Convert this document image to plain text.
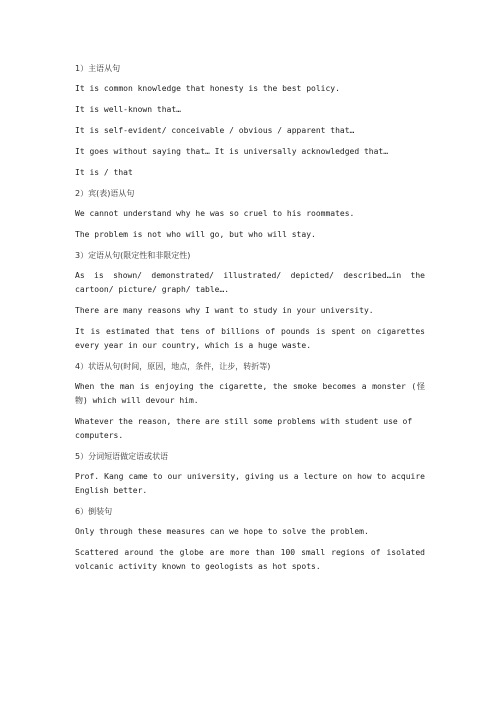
1）主语从句

It is common knowledge that honesty is the best policy.

It is well-known that…

It is self-evident/ conceivable / obvious / apparent that…

It goes without saying that… It is universally acknowledged that…

It is / that

2）宾(表)语从句

We cannot understand why he was so cruel to his roommates.

The problem is not who will go, but who will stay.

3）定语从句(限定性和非限定性)

As is shown/ demonstrated/ illustrated/ depicted/ described…in the cartoon/ picture/ graph/ table….

There are many reasons why I want to study in your university.

It is estimated that tens of billions of pounds is spent on cigarettes every year in our country, which is a huge waste.

4）状语从句(时间，原因，地点，条件，让步，转折等)

When the man is enjoying the cigarette, the smoke becomes a monster (怪物) which will devour him.

Whatever the reason, there are still some problems with student use of computers.

5）分词短语做定语或状语

Prof. Kang came to our university, giving us a lecture on how to acquire English better.

6）倒装句

Only through these measures can we hope to solve the problem.

Scattered around the globe are more than 100 small regions of isolated volcanic activity known to geologists as hot spots.
